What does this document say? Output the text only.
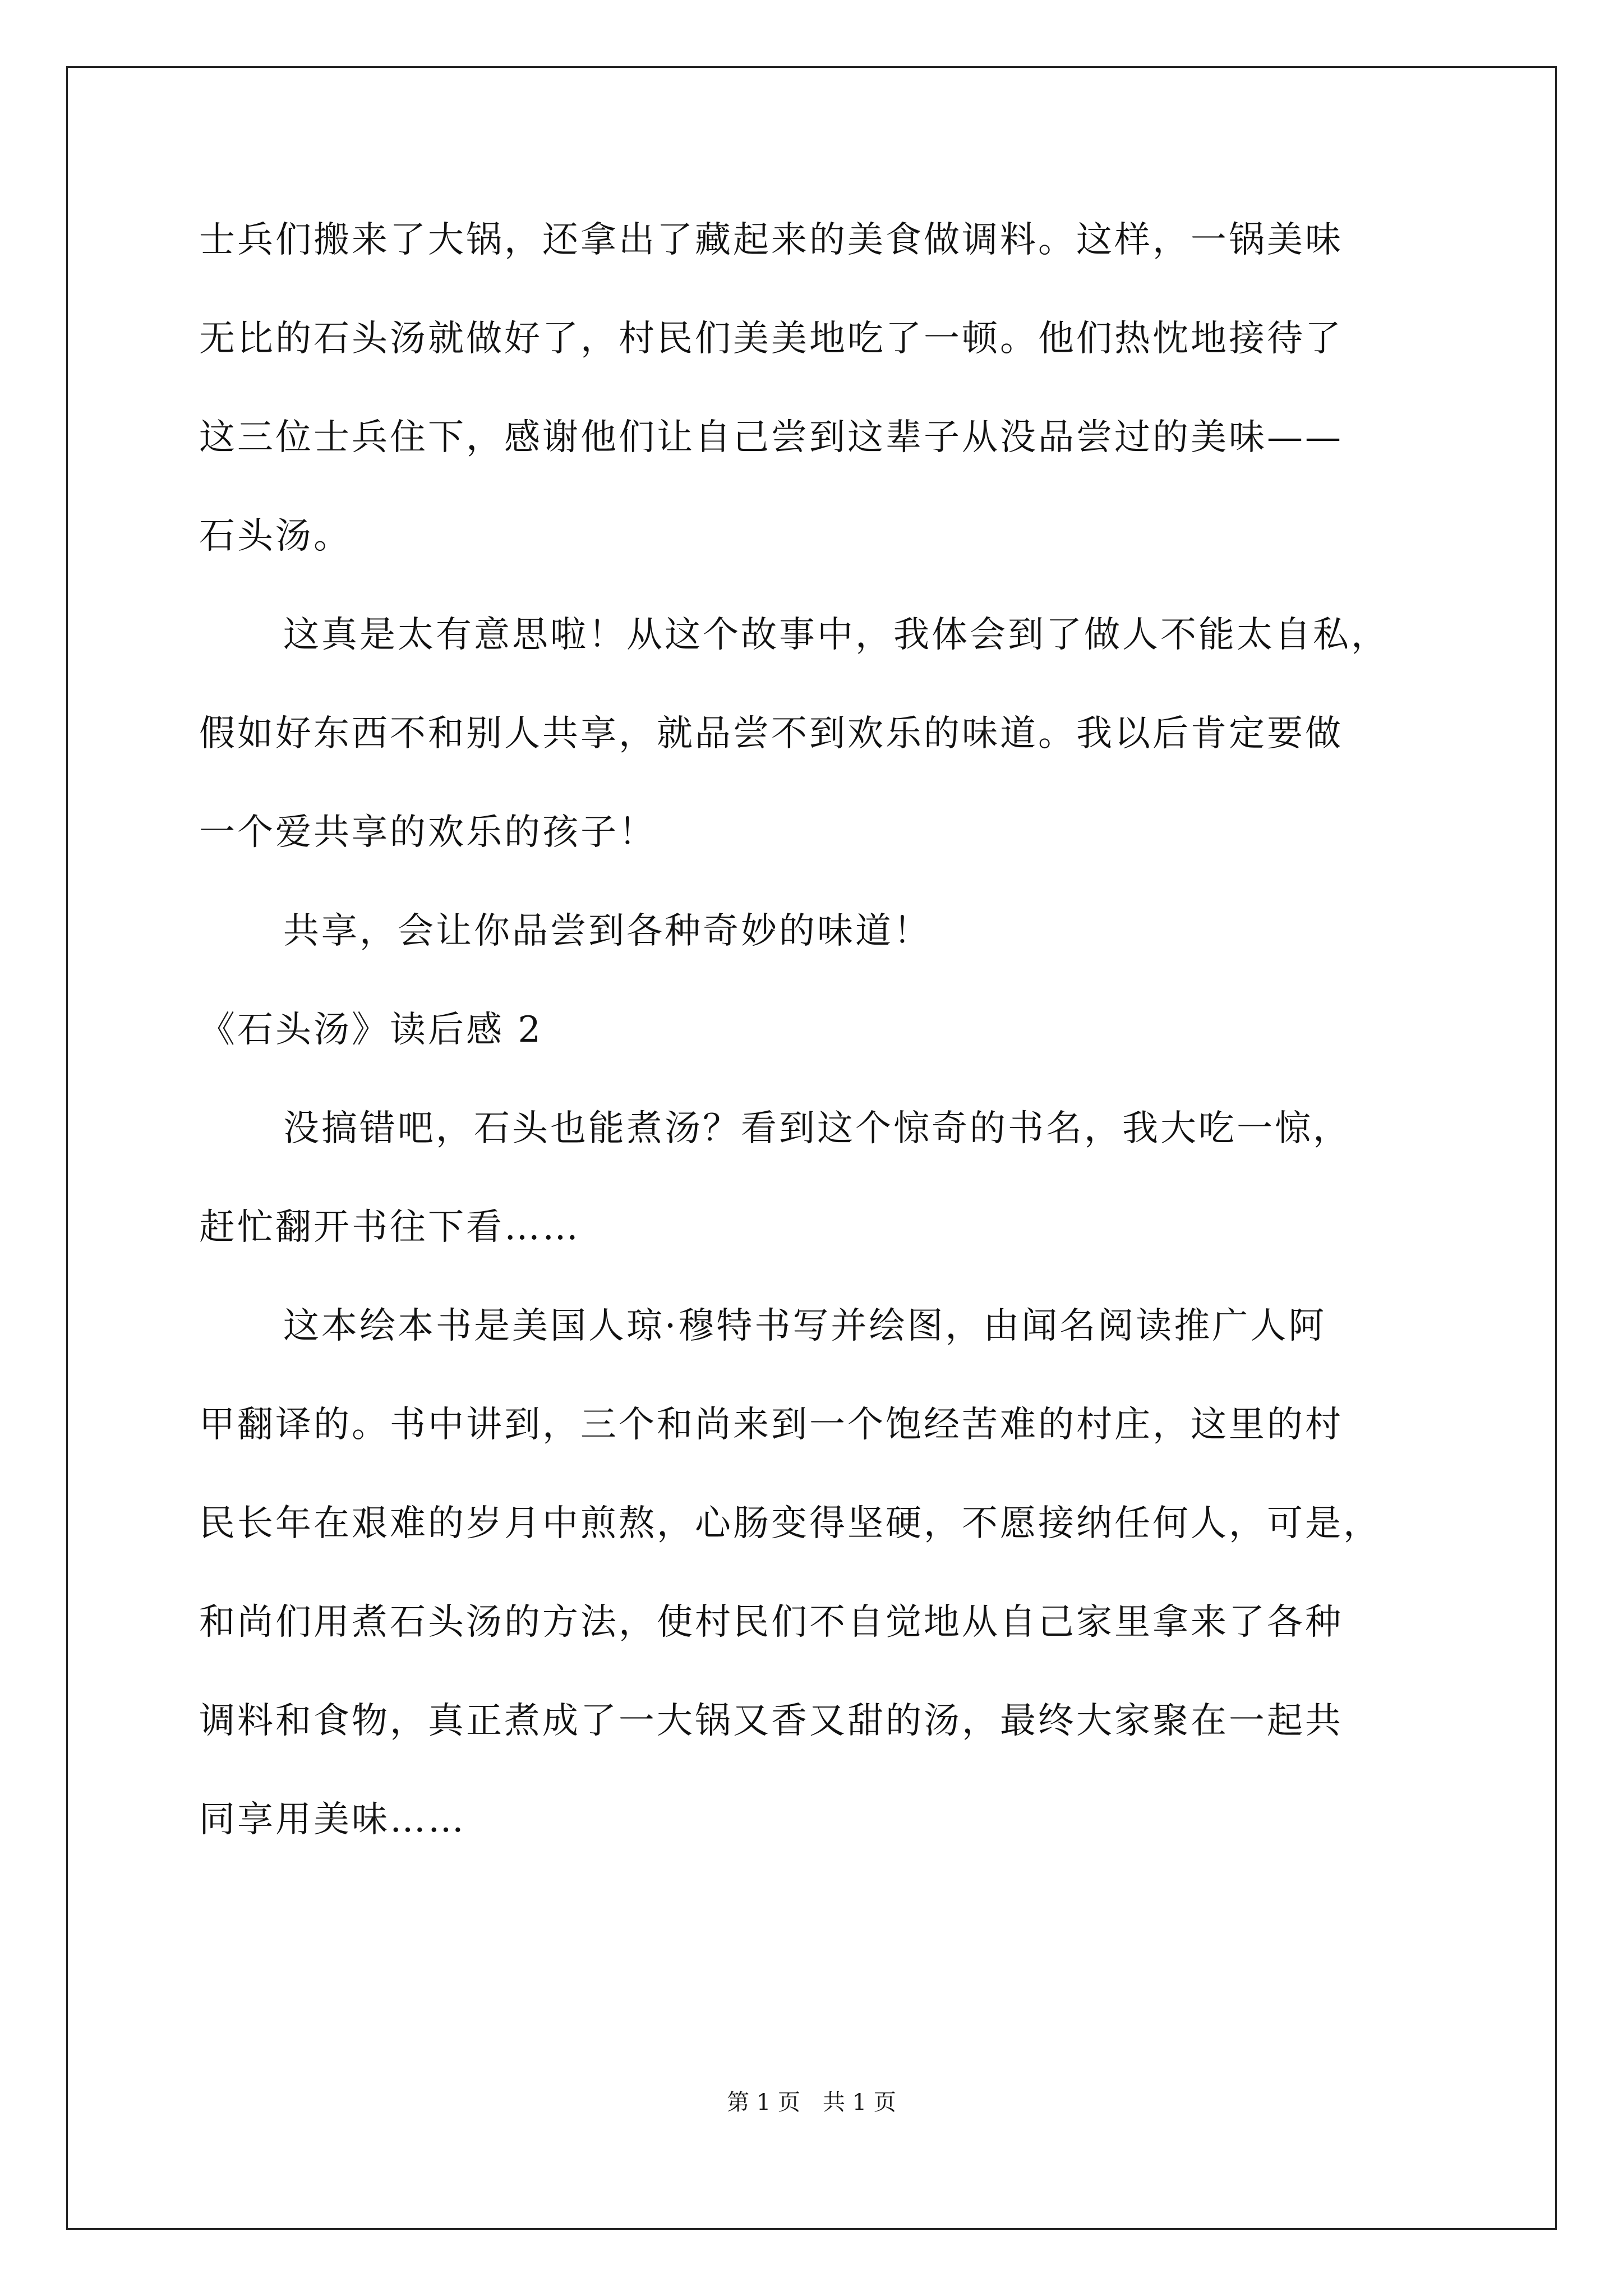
士兵们搬来了大锅，还拿出了藏起来的美食做调料。这样，一锅美味
无比的石头汤就做好了，村民们美美地吃了一顿。他们热忱地接待了
这三位士兵住下，感谢他们让自己尝到这辈子从没品尝过的美味——
石头汤。
这真是太有意思啦！从这个故事中，我体会到了做人不能太自私，
假如好东西不和别人共享，就品尝不到欢乐的味道。我以后肯定要做
一个爱共享的欢乐的孩子！
共享，会让你品尝到各种奇妙的味道！
《石头汤》读后感 2
没搞错吧，石头也能煮汤？看到这个惊奇的书名，我大吃一惊，
赶忙翻开书往下看……
这本绘本书是美国人琼·穆特书写并绘图，由闻名阅读推广人阿
甲翻译的。书中讲到，三个和尚来到一个饱经苦难的村庄，这里的村
民长年在艰难的岁月中煎熬，心肠变得坚硬，不愿接纳任何人，可是，
和尚们用煮石头汤的方法，使村民们不自觉地从自己家里拿来了各种
调料和食物，真正煮成了一大锅又香又甜的汤，最终大家聚在一起共
同享用美味……
第 1 页　共 1 页
